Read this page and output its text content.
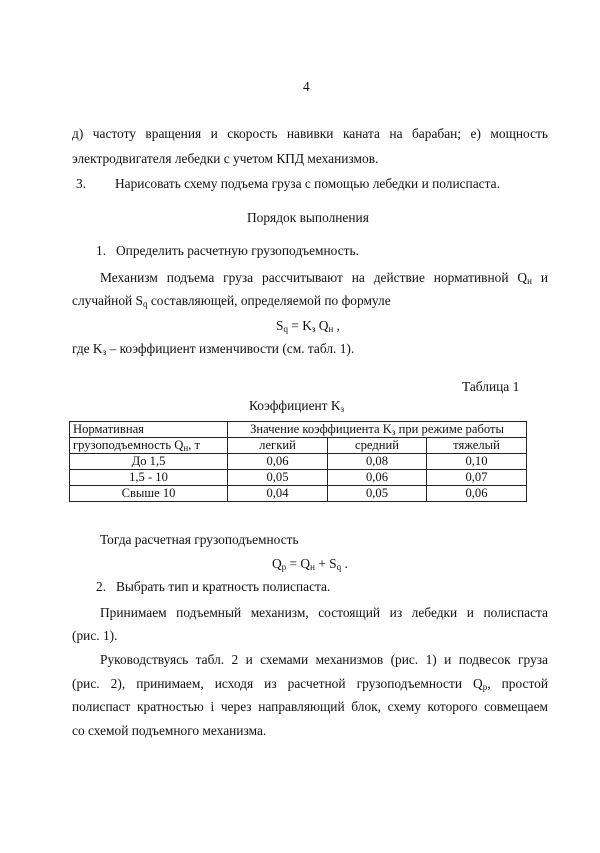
4
д) частоту вращения и скорость навивки каната на барабан; е) мощность
электродвигателя лебедки с учетом КПД механизмов.
3. Нарисовать схему подъема груза с помощью лебедки и полиспаста.
Порядок выполнения
1. Определить расчетную грузоподъемность.
Механизм подъема груза рассчитывают на действие нормативной $Q_н$ и
случайной $S_q$ составляющей, определяемой по формуле
$S_q = K_з$ $Q_н$ ,
где $K_з$ – коэффициент изменчивости (см. табл. 1).
Таблица 1
Коэффициент $K_з$
Нормативная	Значение коэффициента $K_з$ при режиме работы		
грузоподъемность $Q_н$, т	легкий	средний	тяжелый
До 1,5	0,06	0,08	0,10
1,5 - 10	0,05	0,06	0,07
Свыше 10	0,04	0,05	0,06
Тогда расчетная грузоподъемность
$Q_р = Q_н + S_q$ .
2. Выбрать тип и кратность полиспаста.
Принимаем подъемный механизм, состоящий из лебедки и полиспаста
(рис. 1).
Руководствуясь табл. 2 и схемами механизмов (рис. 1) и подвесок груза
(рис. 2), принимаем, исходя из расчетной грузоподъемности $Q_р$, простой
полиспаст кратностью i через направляющий блок, схему которого совмещаем
со схемой подъемного механизма.
